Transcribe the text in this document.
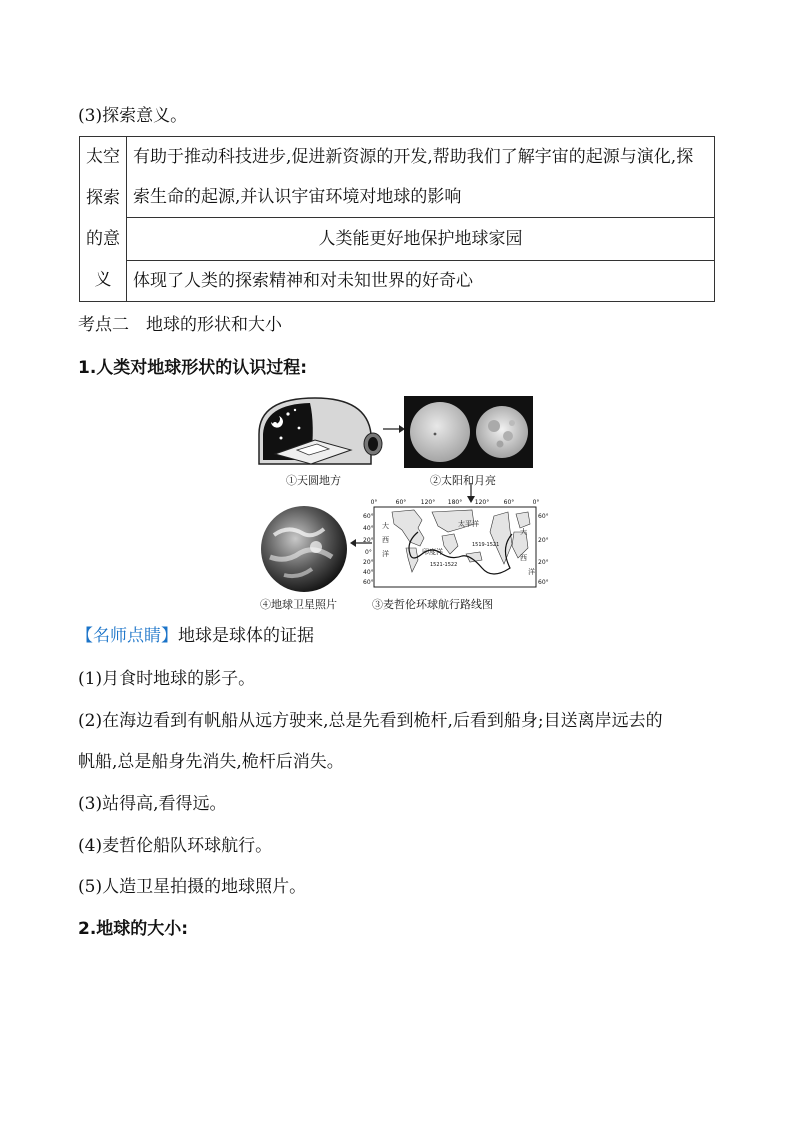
(3)探索意义。
太空
探索
的意
义
	有助于推动科技进步,促进新资源的开发,帮助我们了解宇宙的起源与演化,探索生命的起源,并认识宇宙环境对地球的影响
人类能更好地保护地球家园
体现了人类的探索精神和对未知世界的好奇心
考点二　地球的形状和大小
1.人类对地球形状的认识过程:
①天圆地方	②太阳和月亮
④地球卫星照片
0°	60° 120° 180° 120° 60°	0°
60°
40°
20°
0°
20°
40°
60°
60°
20°
20°
60°
太平洋
大
西
洋	印度洋
大
西
洋
1521-1522
1519-1521
③麦哲伦环球航行路线图
【名师点睛】地球是球体的证据
(1)月食时地球的影子。
(2)在海边看到有帆船从远方驶来,总是先看到桅杆,后看到船身;目送离岸远去的
帆船,总是船身先消失,桅杆后消失。
(3)站得高,看得远。
(4)麦哲伦船队环球航行。
(5)人造卫星拍摄的地球照片。
2.地球的大小:
